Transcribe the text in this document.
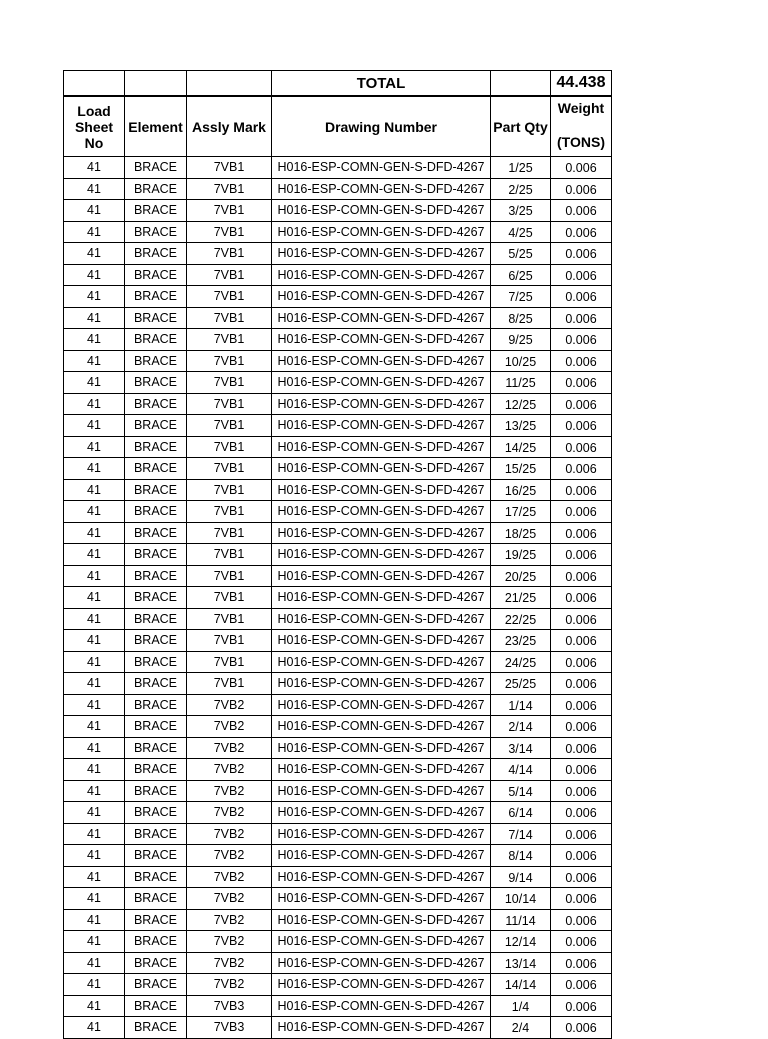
			TOTAL		44.438
Load Sheet No	Element	Assly Mark	Drawing Number	Part Qty	Weight
(TONS)

41	BRACE	7VB1	H016-ESP-COMN-GEN-S-DFD-4267	1/25	0.006
41	BRACE	7VB1	H016-ESP-COMN-GEN-S-DFD-4267	2/25	0.006
41	BRACE	7VB1	H016-ESP-COMN-GEN-S-DFD-4267	3/25	0.006
41	BRACE	7VB1	H016-ESP-COMN-GEN-S-DFD-4267	4/25	0.006
41	BRACE	7VB1	H016-ESP-COMN-GEN-S-DFD-4267	5/25	0.006
41	BRACE	7VB1	H016-ESP-COMN-GEN-S-DFD-4267	6/25	0.006
41	BRACE	7VB1	H016-ESP-COMN-GEN-S-DFD-4267	7/25	0.006
41	BRACE	7VB1	H016-ESP-COMN-GEN-S-DFD-4267	8/25	0.006
41	BRACE	7VB1	H016-ESP-COMN-GEN-S-DFD-4267	9/25	0.006
41	BRACE	7VB1	H016-ESP-COMN-GEN-S-DFD-4267	10/25	0.006
41	BRACE	7VB1	H016-ESP-COMN-GEN-S-DFD-4267	11/25	0.006
41	BRACE	7VB1	H016-ESP-COMN-GEN-S-DFD-4267	12/25	0.006
41	BRACE	7VB1	H016-ESP-COMN-GEN-S-DFD-4267	13/25	0.006
41	BRACE	7VB1	H016-ESP-COMN-GEN-S-DFD-4267	14/25	0.006
41	BRACE	7VB1	H016-ESP-COMN-GEN-S-DFD-4267	15/25	0.006
41	BRACE	7VB1	H016-ESP-COMN-GEN-S-DFD-4267	16/25	0.006
41	BRACE	7VB1	H016-ESP-COMN-GEN-S-DFD-4267	17/25	0.006
41	BRACE	7VB1	H016-ESP-COMN-GEN-S-DFD-4267	18/25	0.006
41	BRACE	7VB1	H016-ESP-COMN-GEN-S-DFD-4267	19/25	0.006
41	BRACE	7VB1	H016-ESP-COMN-GEN-S-DFD-4267	20/25	0.006
41	BRACE	7VB1	H016-ESP-COMN-GEN-S-DFD-4267	21/25	0.006
41	BRACE	7VB1	H016-ESP-COMN-GEN-S-DFD-4267	22/25	0.006
41	BRACE	7VB1	H016-ESP-COMN-GEN-S-DFD-4267	23/25	0.006
41	BRACE	7VB1	H016-ESP-COMN-GEN-S-DFD-4267	24/25	0.006
41	BRACE	7VB1	H016-ESP-COMN-GEN-S-DFD-4267	25/25	0.006
41	BRACE	7VB2	H016-ESP-COMN-GEN-S-DFD-4267	1/14	0.006
41	BRACE	7VB2	H016-ESP-COMN-GEN-S-DFD-4267	2/14	0.006
41	BRACE	7VB2	H016-ESP-COMN-GEN-S-DFD-4267	3/14	0.006
41	BRACE	7VB2	H016-ESP-COMN-GEN-S-DFD-4267	4/14	0.006
41	BRACE	7VB2	H016-ESP-COMN-GEN-S-DFD-4267	5/14	0.006
41	BRACE	7VB2	H016-ESP-COMN-GEN-S-DFD-4267	6/14	0.006
41	BRACE	7VB2	H016-ESP-COMN-GEN-S-DFD-4267	7/14	0.006
41	BRACE	7VB2	H016-ESP-COMN-GEN-S-DFD-4267	8/14	0.006
41	BRACE	7VB2	H016-ESP-COMN-GEN-S-DFD-4267	9/14	0.006
41	BRACE	7VB2	H016-ESP-COMN-GEN-S-DFD-4267	10/14	0.006
41	BRACE	7VB2	H016-ESP-COMN-GEN-S-DFD-4267	11/14	0.006
41	BRACE	7VB2	H016-ESP-COMN-GEN-S-DFD-4267	12/14	0.006
41	BRACE	7VB2	H016-ESP-COMN-GEN-S-DFD-4267	13/14	0.006
41	BRACE	7VB2	H016-ESP-COMN-GEN-S-DFD-4267	14/14	0.006
41	BRACE	7VB3	H016-ESP-COMN-GEN-S-DFD-4267	1/4	0.006
41	BRACE	7VB3	H016-ESP-COMN-GEN-S-DFD-4267	2/4	0.006
